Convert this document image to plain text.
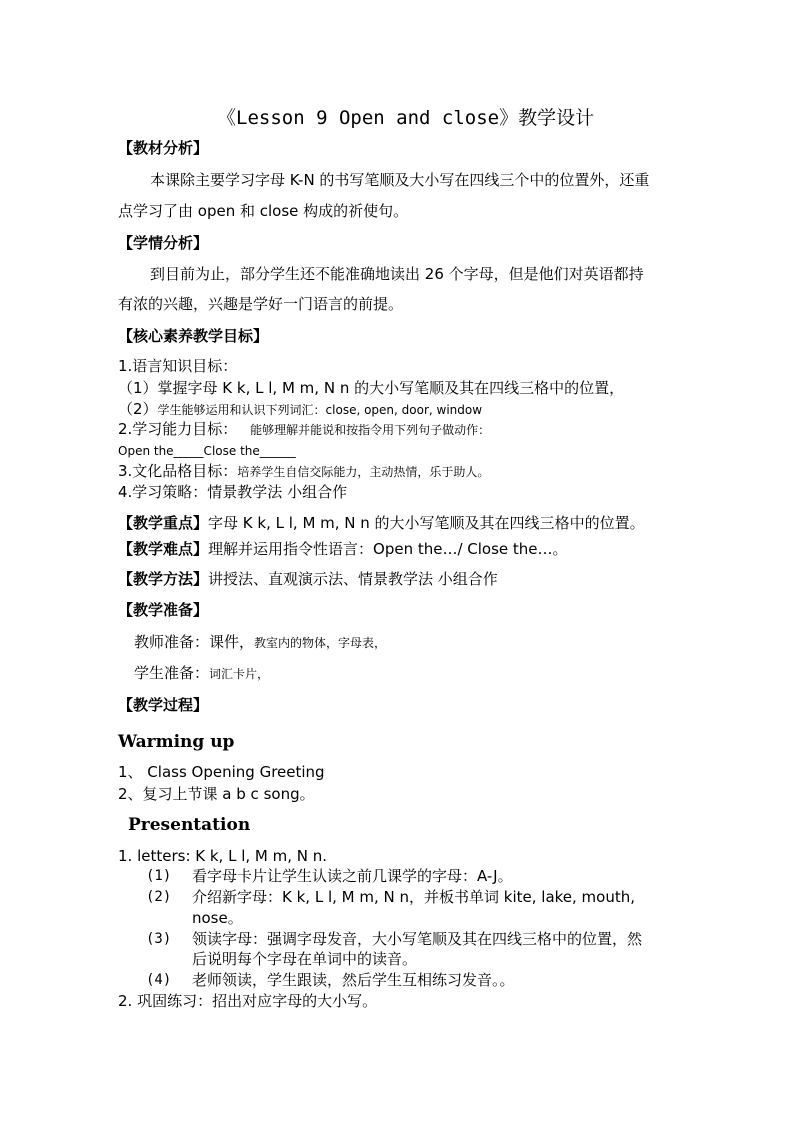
《Lesson 9 Open and close》教学设计
【教材分析】
本课除主要学习字母 K-N 的书写笔顺及大小写在四线三个中的位置外，还重
点学习了由 open 和 close 构成的祈使句。
【学情分析】
到目前为止，部分学生还不能准确地读出 26 个字母，但是他们对英语都持
有浓的兴趣，兴趣是学好一门语言的前提。
【核心素养教学目标】
1.语言知识目标：
（1）掌握字母 K k, L l, M m, N n 的大小写笔顺及其在四线三格中的位置，
（2）学生能够运用和认识下列词汇：close, open, door, window
2.学习能力目标： 能够理解并能说和按指令用下列句子做动作：
Open the_____Close the______
3.文化品格目标：培养学生自信交际能力，主动热情，乐于助人。
4.学习策略：情景教学法 小组合作
【教学重点】字母 K k, L l, M m, N n 的大小写笔顺及其在四线三格中的位置。
【教学难点】理解并运用指令性语言：Open the…/ Close the…。
【教学方法】讲授法、直观演示法、情景教学法 小组合作
【教学准备】
教师准备：课件，教室内的物体，字母表，
学生准备：词汇卡片，
【教学过程】
Warming up
1、 Class Opening Greeting
2、复习上节课 a b c song。
Presentation
1. letters: K k, L l, M m, N n.
(1) 看字母卡片让学生认读之前几课学的字母：A-J。
(2) 介绍新字母：K k, L l, M m, N n，并板书单词 kite, lake, mouth,
nose。
(3) 领读字母：强调字母发音，大小写笔顺及其在四线三格中的位置，然
后说明每个字母在单词中的读音。
(4) 老师领读，学生跟读，然后学生互相练习发音。。
2. 巩固练习：招出对应字母的大小写。
